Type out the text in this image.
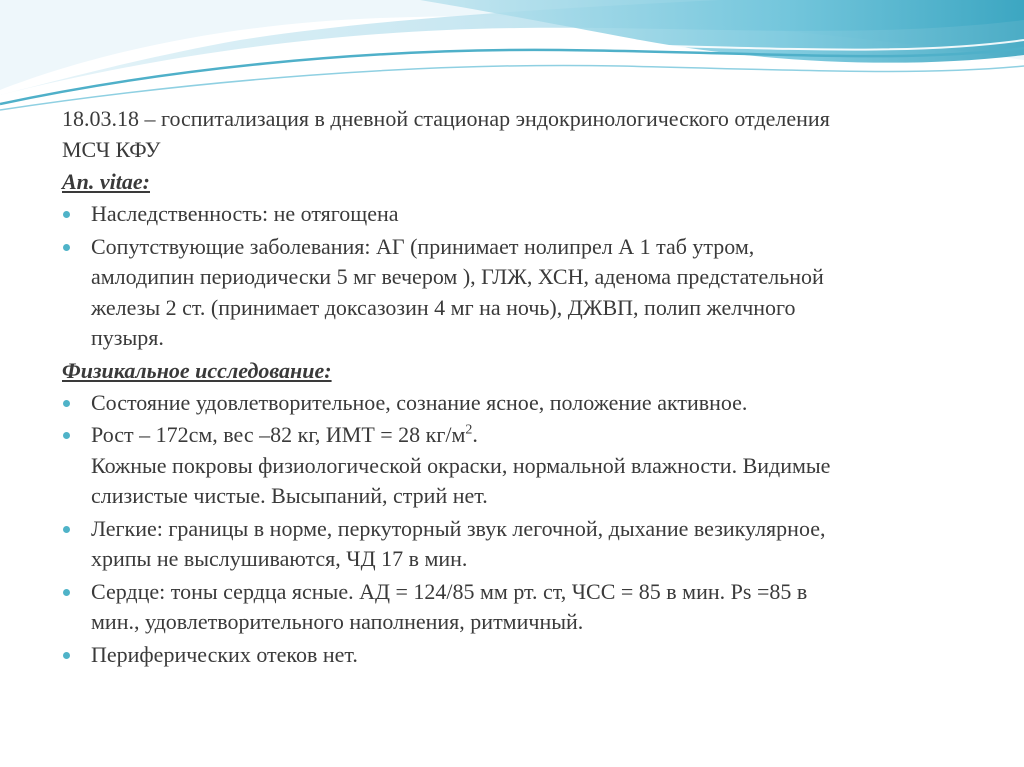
18.03.18 – госпитализация в дневной стационар эндокринологического отделения
МСЧ КФУ
An. vitae:
Наследственность: не отягощена
Сопутствующие заболевания: АГ (принимает нолипрел А 1 таб утром,
амлодипин периодически 5 мг вечером ), ГЛЖ, ХСН, аденома предстательной
железы 2 ст. (принимает доксазозин 4 мг на ночь), ДЖВП, полип желчного
пузыря.
Физикальное исследование:
Состояние удовлетворительное, сознание ясное, положение активное.
Рост – 172см, вес –82 кг, ИМТ = 28 $кг/м^2$.
Кожные покровы физиологической окраски, нормальной влажности. Видимые
слизистые чистые. Высыпаний, стрий нет.
Легкие: границы в норме, перкуторный звук легочной, дыхание везикулярное,
хрипы не выслушиваются, ЧД 17 в мин.
Сердце: тоны сердца ясные. АД = 124/85 мм рт. ст, ЧСС = 85 в мин. Ps =85 в
мин., удовлетворительного наполнения, ритмичный.
Периферических отеков нет.
